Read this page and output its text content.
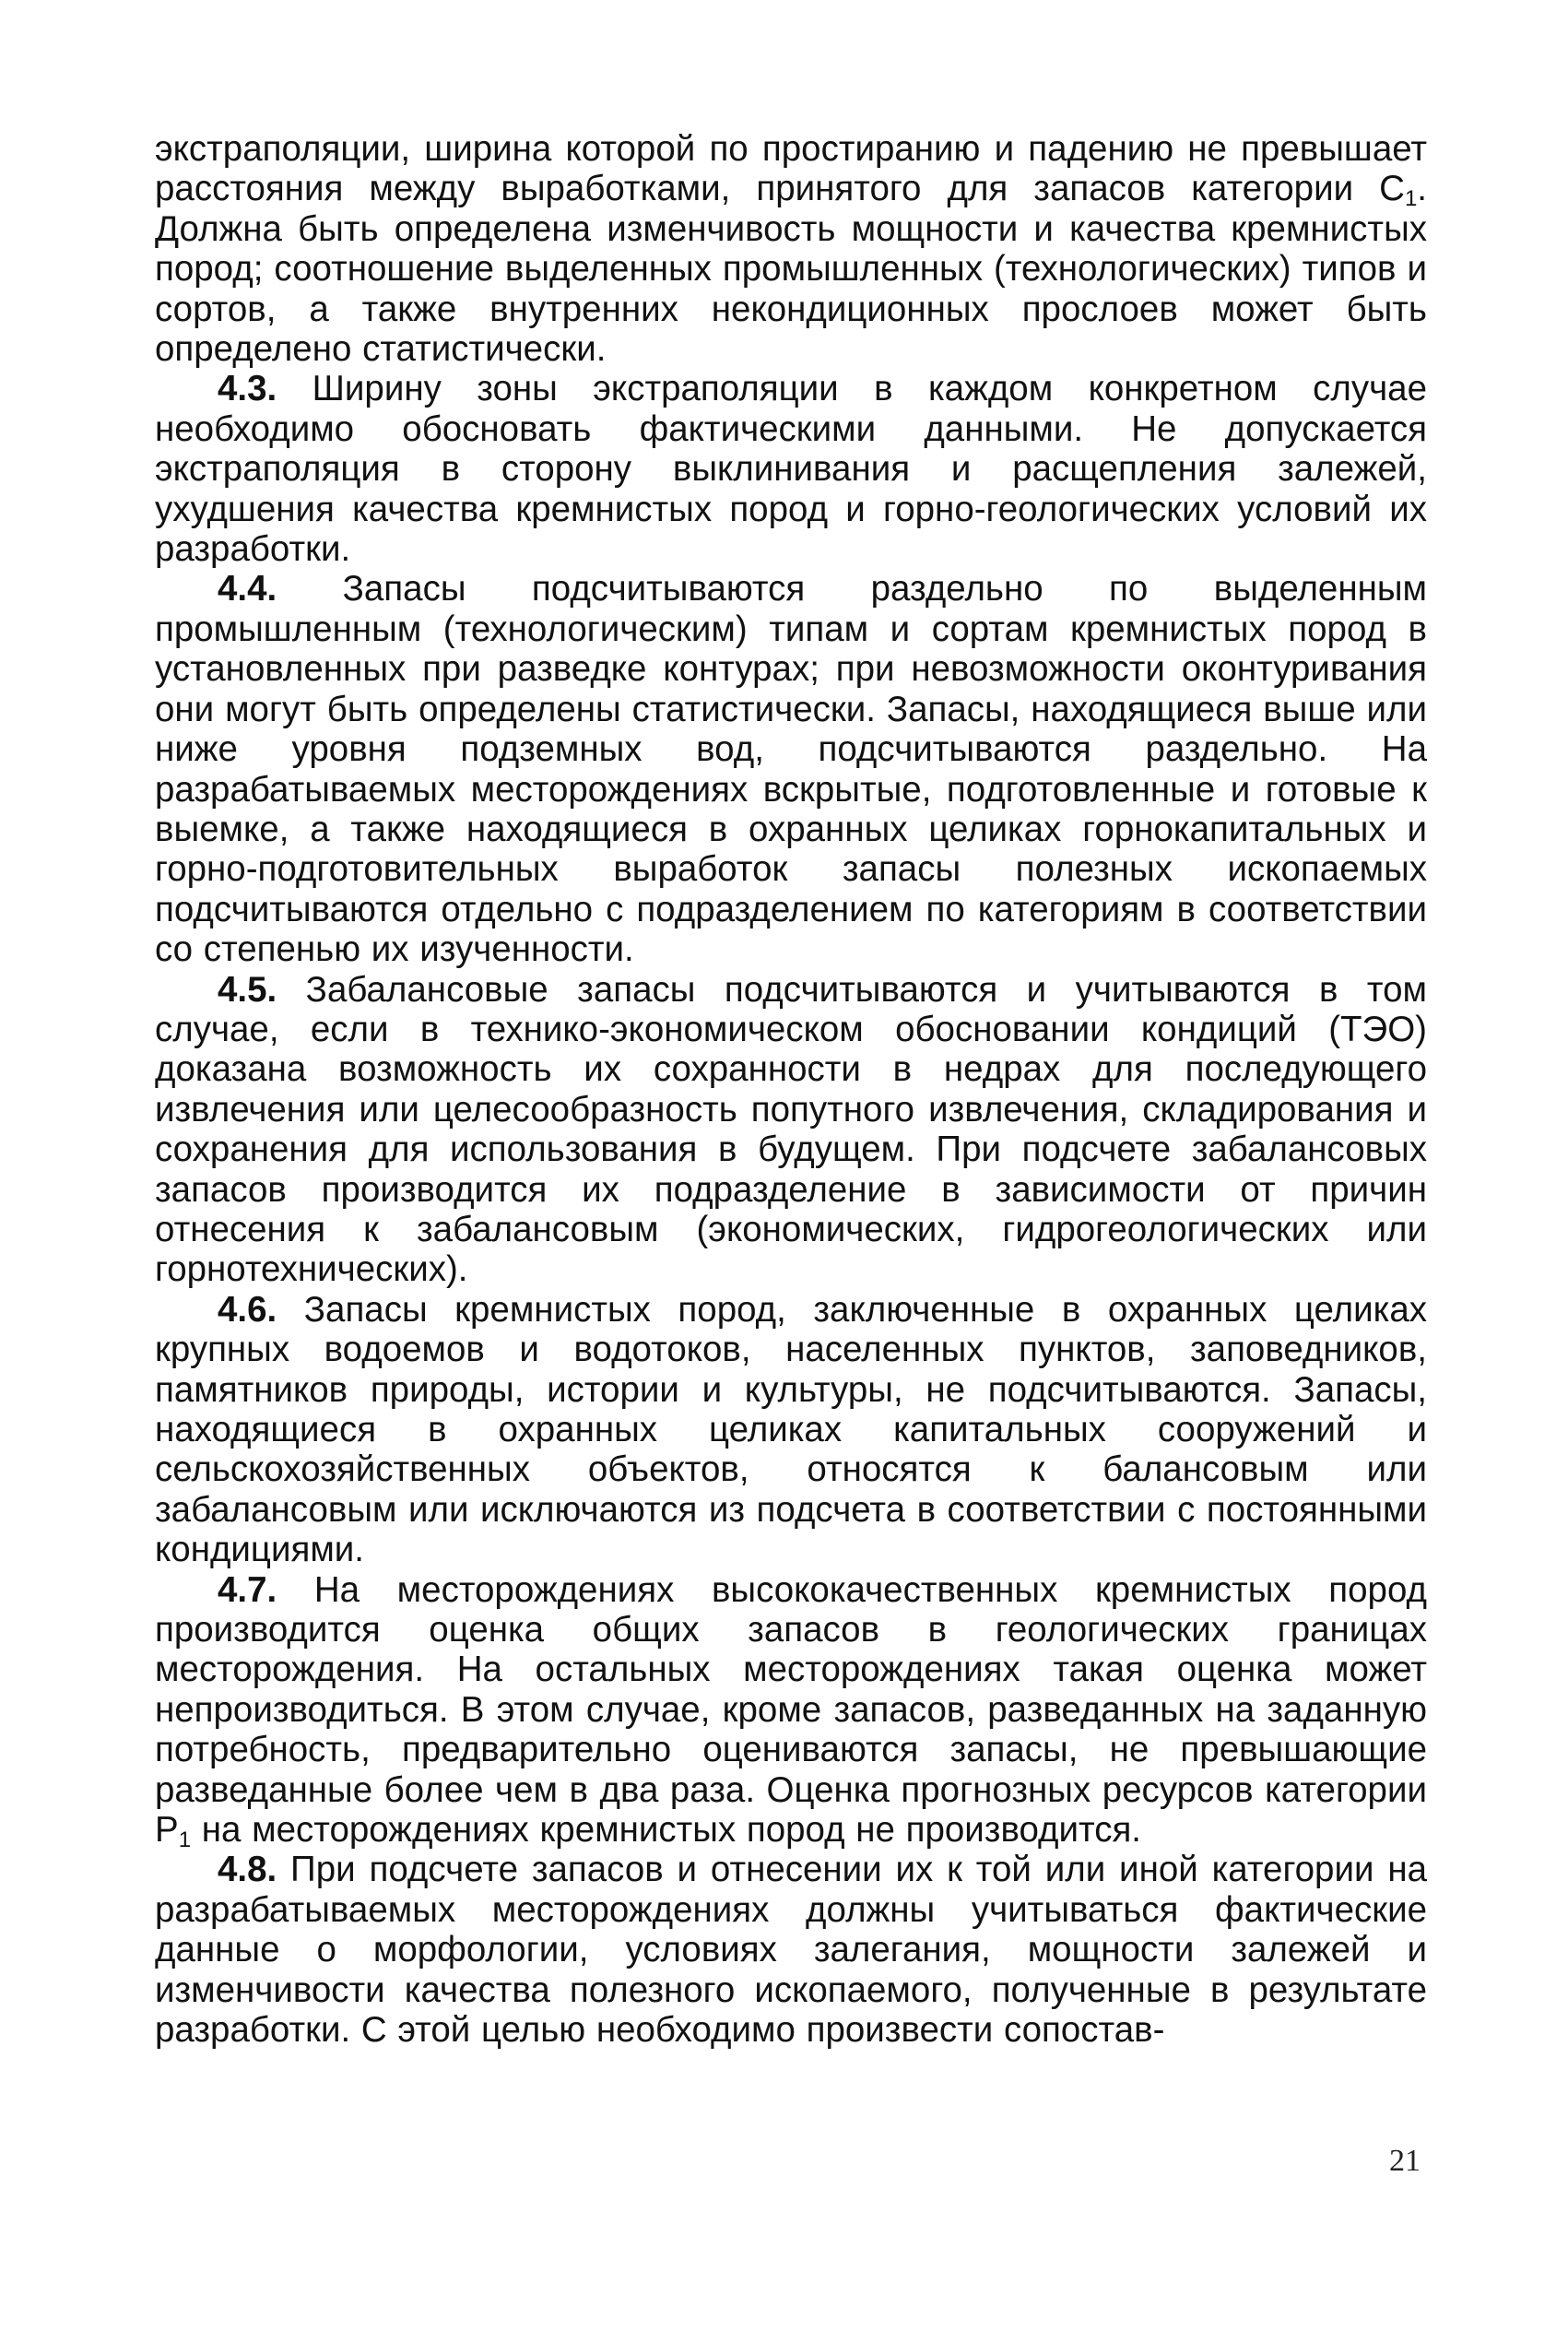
экстраполяции, ширина которой по простиранию и падению не превышает расстояния между выработками, принятого для запасов категории $С_1$. Должна быть определена изменчивость мощности и качества кремнистых пород; соотношение выделенных промышленных (технологических) типов и сортов, а также внутренних некондиционных прослоев может быть определено статистически.

4.3. Ширину зоны экстраполяции в каждом конкретном случае необходимо обосновать фактическими данными. Не допускается экстраполяция в сторону выклинивания и расщепления залежей, ухудшения качества кремнистых пород и горно-геологических условий их разработки.

4.4. Запасы подсчитываются раздельно по выделенным промышленным (технологическим) типам и сортам кремнистых пород в установленных при разведке контурах; при невозможности оконтуривания они могут быть определены статистически. Запасы, находящиеся выше или ниже уровня подземных вод, подсчитываются раздельно. На разрабатываемых месторождениях вскрытые, подготовленные и готовые к выемке, а также находящиеся в охранных целиках горнокапитальных и горно-подготовительных выработок запасы полезных ископаемых подсчитываются отдельно с подразделением по категориям в соответствии со степенью их изученности.

4.5. Забалансовые запасы подсчитываются и учитываются в том случае, если в технико-экономическом обосновании кондиций (ТЭО) доказана возможность их сохранности в недрах для последующего извлечения или целесообразность попутного извлечения, складирования и сохранения для использования в будущем. При подсчете забалансовых запасов производится их подразделение в зависимости от причин отнесения к забалансовым (экономических, гидрогеологических или горнотехнических).

4.6. Запасы кремнистых пород, заключенные в охранных целиках крупных водоемов и водотоков, населенных пунктов, заповедников, памятников природы, истории и культуры, не подсчитываются. Запасы, находящиеся в охранных целиках капитальных сооружений и сельскохозяйственных объектов, относятся к балансовым или забалансовым или исключаются из подсчета в соответствии с постоянными кондициями.

4.7. На месторождениях высококачественных кремнистых пород производится оценка общих запасов в геологических границах месторождения. На остальных месторождениях такая оценка может непроизводиться. В этом случае, кроме запасов, разведанных на заданную потребность, предварительно оцениваются запасы, не превышающие разведанные более чем в два раза. Оценка прогнозных ресурсов категории $Р_1$ на месторождениях кремнистых пород не производится.

4.8. При подсчете запасов и отнесении их к той или иной категории на разрабатываемых месторождениях должны учитываться фактические данные о морфологии, условиях залегания, мощности залежей и изменчивости качества полезного ископаемого, полученные в результате разработки. С этой целью необходимо произвести сопостав-

21
